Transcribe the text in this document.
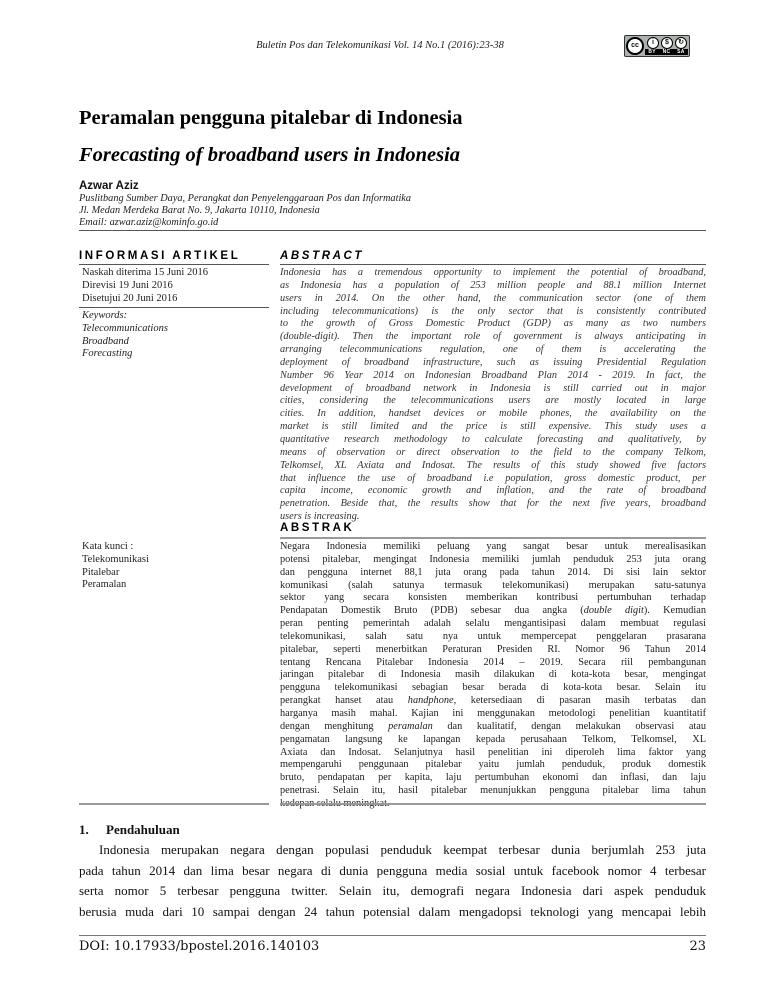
Buletin Pos dan Telekomunikasi Vol. 14 No.1 (2016):23-38	cc	i	$	↻
BY NC SA
Peramalan pengguna pitalebar di Indonesia
Forecasting of broadband users in Indonesia
Azwar Aziz
Puslitbang Sumber Daya, Perangkat dan Penyelenggaraan Pos dan Informatika
Jl. Medan Merdeka Barat No. 9, Jakarta 10110, Indonesia
Email: azwar.aziz@kominfo.go.id
INFORMASI ARTIKEL
Naskah diterima 15 Juni 2016
Direvisi 19 Juni 2016
Disetujui 20 Juni 2016
Keywords:
Telecommunications
Broadband
Forecasting
Kata kunci :
Telekomunikasi
Pitalebar
Peramalan
ABSTRACT
Indonesia has a tremendous opportunity to implement the potential of broadband,
as Indonesia has a population of 253 million people and 88.1 million Internet
users in 2014. On the other hand, the communication sector (one of them
including telecommunications) is the only sector that is consistently contributed
to the growth of Gross Domestic Product (GDP) as many as two numbers
(double-digit). Then the important role of government is always anticipating in
arranging telecommunications regulation, one of them is accelerating the
deployment of broadband infrastructure, such as issuing Presidential Regulation
Number 96 Year 2014 on Indonesian Broadband Plan 2014 - 2019. In fact, the
development of broadband network in Indonesia is still carried out in major
cities, considering the telecommunications users are mostly located in large
cities. In addition, handset devices or mobile phones, the availability on the
market is still limited and the price is still expensive. This study uses a
quantitative research methodology to calculate forecasting and qualitatively, by
means of observation or direct observation to the field to the company Telkom,
Telkomsel, XL Axiata and Indosat. The results of this study showed five factors
that influence the use of broadband i.e population, gross domestic product, per
capita income, economic growth and inflation, and the rate of broadband
penetration. Beside that, the results show that for the next five years, broadband
users is increasing.
ABSTRAK
Negara Indonesia memiliki peluang yang sangat besar untuk merealisasikan
potensi pitalebar, mengingat Indonesia memiliki jumlah penduduk 253 juta orang
dan pengguna internet 88,1 juta orang pada tahun 2014. Di sisi lain sektor
komunikasi (salah satunya termasuk telekomunikasi) merupakan satu-satunya
sektor yang secara konsisten memberikan kontribusi pertumbuhan terhadap
Pendapatan Domestik Bruto (PDB) sebesar dua angka (double digit). Kemudian
peran penting pemerintah adalah selalu mengantisipasi dalam membuat regulasi
telekomunikasi, salah satu nya untuk mempercepat penggelaran prasarana
pitalebar, seperti menerbitkan Peraturan Presiden RI. Nomor 96 Tahun 2014
tentang Rencana Pitalebar Indonesia 2014 – 2019. Secara riil pembangunan
jaringan pitalebar di Indonesia masih dilakukan di kota-kota besar, mengingat
pengguna telekomunikasi sebagian besar berada di kota-kota besar. Selain itu
perangkat hanset atau handphone, ketersediaan di pasaran masih terbatas dan
harganya masih mahal. Kajian ini menggunakan metodologi penelitian kuantitatif
dengan menghitung peramalan dan kualitatif, dengan melakukan observasi atau
pengamatan langsung ke lapangan kepada perusahaan Telkom, Telkomsel, XL
Axiata dan Indosat. Selanjutnya hasil penelitian ini diperoleh lima faktor yang
mempengaruhi penggunaan pitalebar yaitu jumlah penduduk, produk domestik
bruto, pendapatan per kapita, laju pertumbuhan ekonomi dan inflasi, dan laju
penetrasi. Selain itu, hasil pitalebar menunjukkan pengguna pitalebar lima tahun
kedepan selalu meningkat.
1. Pendahuluan
Indonesia merupakan negara dengan populasi penduduk keempat terbesar dunia berjumlah 253 juta
pada tahun 2014 dan lima besar negara di dunia pengguna media sosial untuk facebook nomor 4 terbesar
serta nomor 5 terbesar pengguna twitter. Selain itu, demografi negara Indonesia dari aspek penduduk
berusia muda dari 10 sampai dengan 24 tahun potensial dalam mengadopsi teknologi yang mencapai lebih
DOI: 10.17933/bpostel.2016.140103	23
